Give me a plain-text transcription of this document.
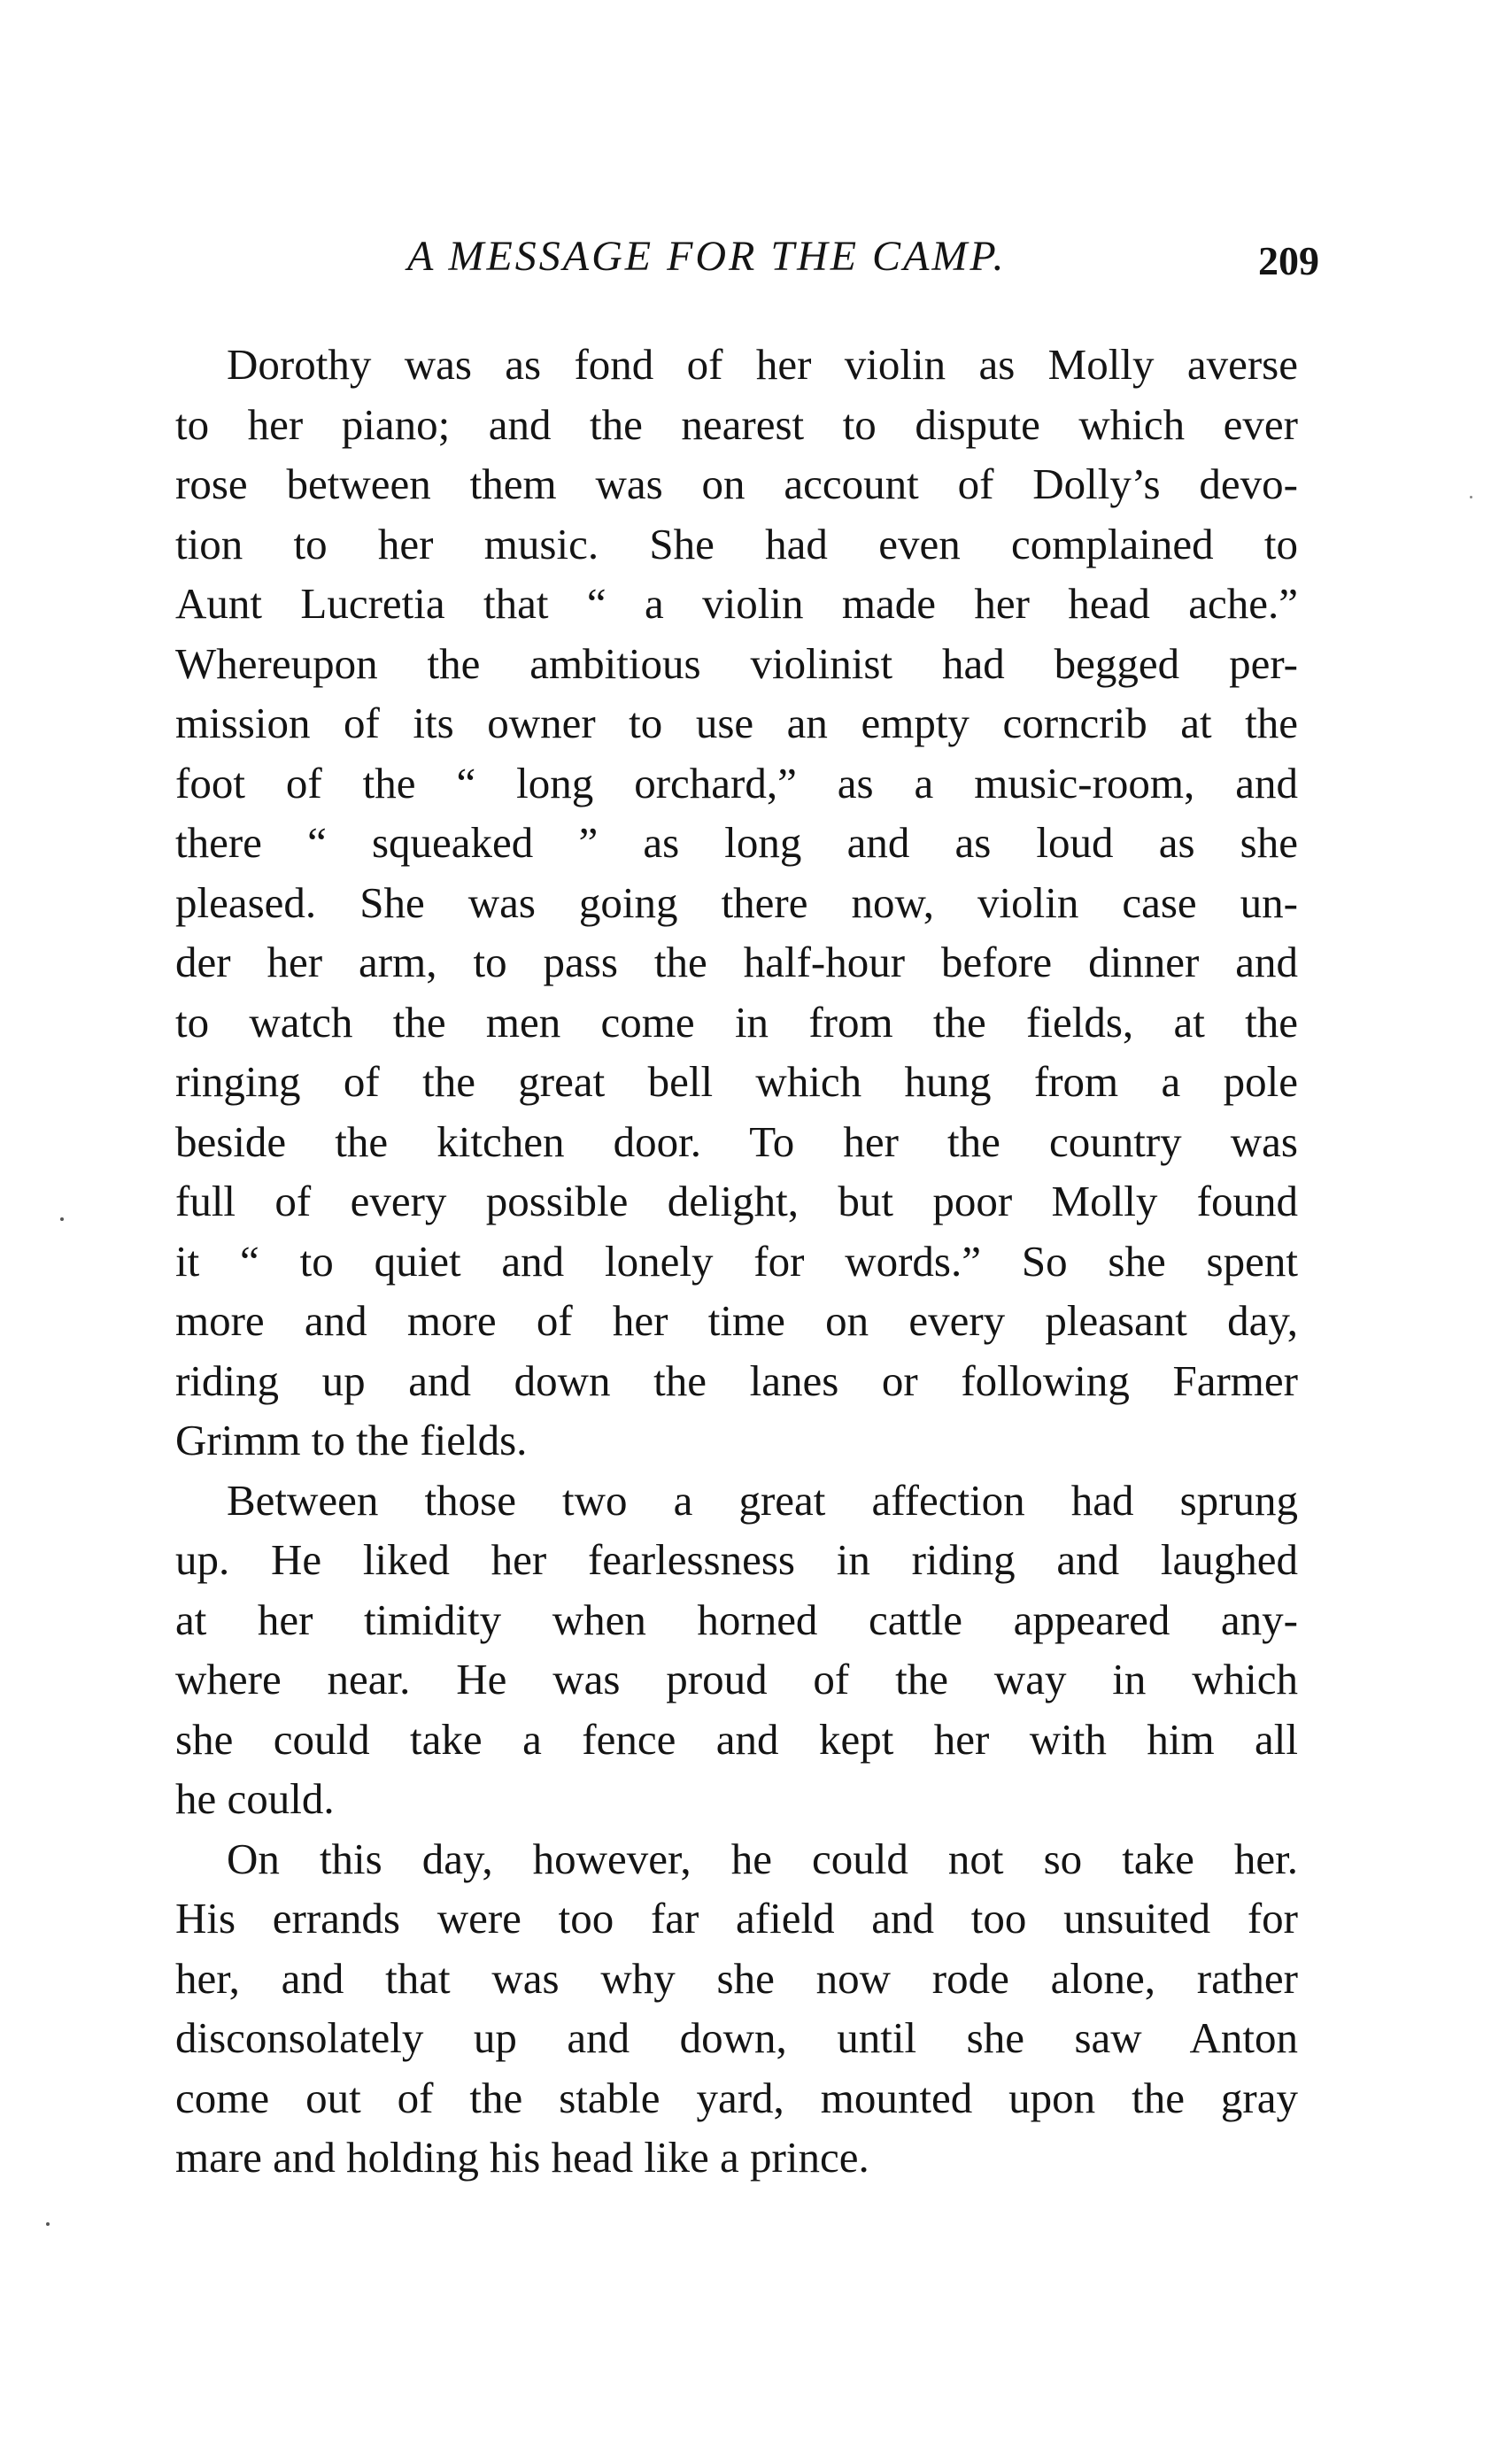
A MESSAGE FOR THE CAMP.	209

Dorothy was as fond of her violin as Molly averse
to her piano; and the nearest to dispute which ever
rose between them was on account of Dolly’s devo-
tion to her music. She had even complained to
Aunt Lucretia that “ a violin made her head ache.”
Whereupon the ambitious violinist had begged per-
mission of its owner to use an empty corncrib at the
foot of the “ long orchard,” as a music-room, and
there “ squeaked ” as long and as loud as she
pleased. She was going there now, violin case un-
der her arm, to pass the half-hour before dinner and
to watch the men come in from the fields, at the
ringing of the great bell which hung from a pole
beside the kitchen door. To her the country was
full of every possible delight, but poor Molly found
it “ to quiet and lonely for words.” So she spent
more and more of her time on every pleasant day,
riding up and down the lanes or following Farmer
Grimm to the fields.

Between those two a great affection had sprung
up. He liked her fearlessness in riding and laughed
at her timidity when horned cattle appeared any-
where near. He was proud of the way in which
she could take a fence and kept her with him all
he could.

On this day, however, he could not so take her.
His errands were too far afield and too unsuited for
her, and that was why she now rode alone, rather
disconsolately up and down, until she saw Anton
come out of the stable yard, mounted upon the gray
mare and holding his head like a prince.
